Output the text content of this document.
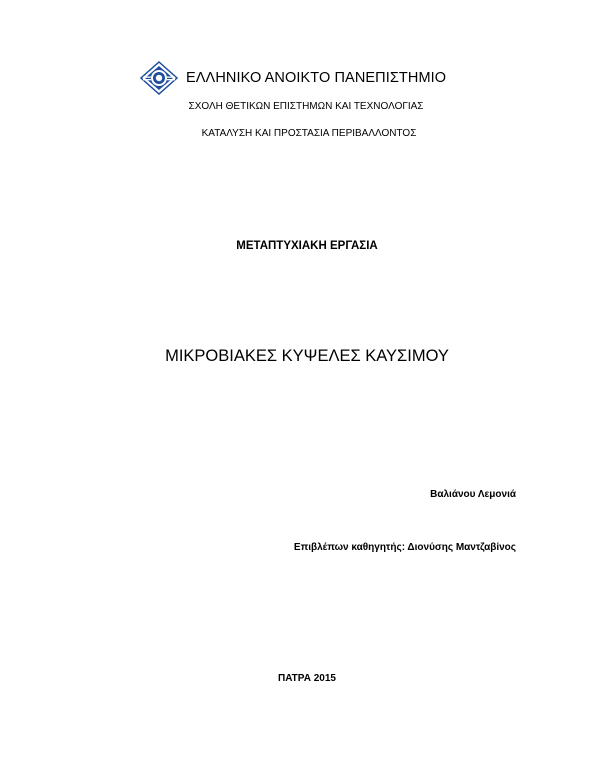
ΕΛΛΗΝΙΚΟ ΑΝΟΙΚΤΟ ΠΑΝΕΠΙΣΤΗΜΙΟ
ΣΧΟΛΗ ΘΕΤΙΚΩΝ ΕΠΙΣΤΗΜΩΝ ΚΑΙ ΤΕΧΝΟΛΟΓΙΑΣ
ΚΑΤΑΛΥΣΗ ΚΑΙ ΠΡΟΣΤΑΣΙΑ ΠΕΡΙΒΑΛΛΟΝΤΟΣ
ΜΕΤΑΠΤΥΧΙΑΚΗ ΕΡΓΑΣΙΑ
ΜΙΚΡΟΒΙΑΚΕΣ ΚΥΨΕΛΕΣ ΚΑΥΣΙΜΟΥ
Βαλιάνου Λεμονιά
Επιβλέπων καθηγητής: Διονύσης Μαντζαβίνος
ΠΑΤΡΑ 2015
